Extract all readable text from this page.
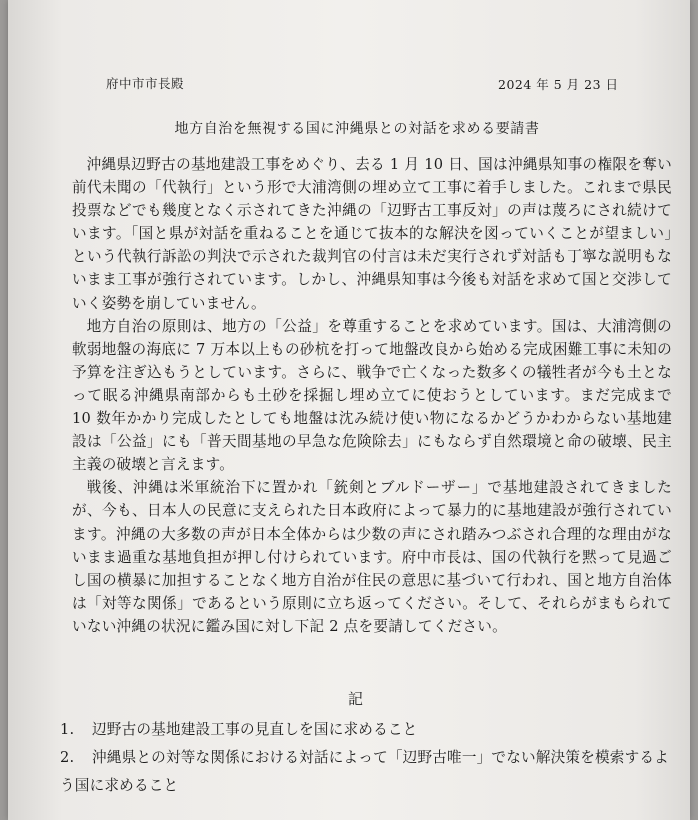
府中市市長殿	2024 年 5 月 23 日
地方自治を無視する国に沖縄県との対話を求める要請書

沖縄県辺野古の基地建設工事をめぐり、去る 1 月 10 日、国は沖縄県知事の権限を奪い前代未聞の「代執行」という形で大浦湾側の埋め立て工事に着手しました。これまで県民投票などでも幾度となく示されてきた沖縄の「辺野古工事反対」の声は蔑ろにされ続けています。「国と県が対話を重ねることを通じて抜本的な解決を図っていくことが望ましい」という代執行訴訟の判決で示された裁判官の付言は未だ実行されず対話も丁寧な説明もないまま工事が強行されています。しかし、沖縄県知事は今後も対話を求めて国と交渉していく姿勢を崩していません。

地方自治の原則は、地方の「公益」を尊重することを求めています。国は、大浦湾側の軟弱地盤の海底に 7 万本以上もの砂杭を打って地盤改良から始める完成困難工事に未知の予算を注ぎ込もうとしています。さらに、戦争で亡くなった数多くの犠牲者が今も土となって眠る沖縄県南部からも土砂を採掘し埋め立てに使おうとしています。まだ完成まで 10 数年かかり完成したとしても地盤は沈み続け使い物になるかどうかわからない基地建設は「公益」にも「普天間基地の早急な危険除去」にもならず自然環境と命の破壊、民主主義の破壊と言えます。

戦後、沖縄は米軍統治下に置かれ「銃剣とブルドーザー」で基地建設されてきましたが、今も、日本人の民意に支えられた日本政府によって暴力的に基地建設が強行されています。沖縄の大多数の声が日本全体からは少数の声にされ踏みつぶされ合理的な理由がないまま過重な基地負担が押し付けられています。府中市長は、国の代執行を黙って見過ごし国の横暴に加担することなく地方自治が住民の意思に基づいて行われ、国と地方自治体は「対等な関係」であるという原則に立ち返ってください。そして、それらがまもられていない沖縄の状況に鑑み国に対し下記 2 点を要請してください。

記

1.	辺野古の基地建設工事の見直しを国に求めること

2. 沖縄県との対等な関係における対話によって「辺野古唯一」でない解決策を模索するよう国に求めること
